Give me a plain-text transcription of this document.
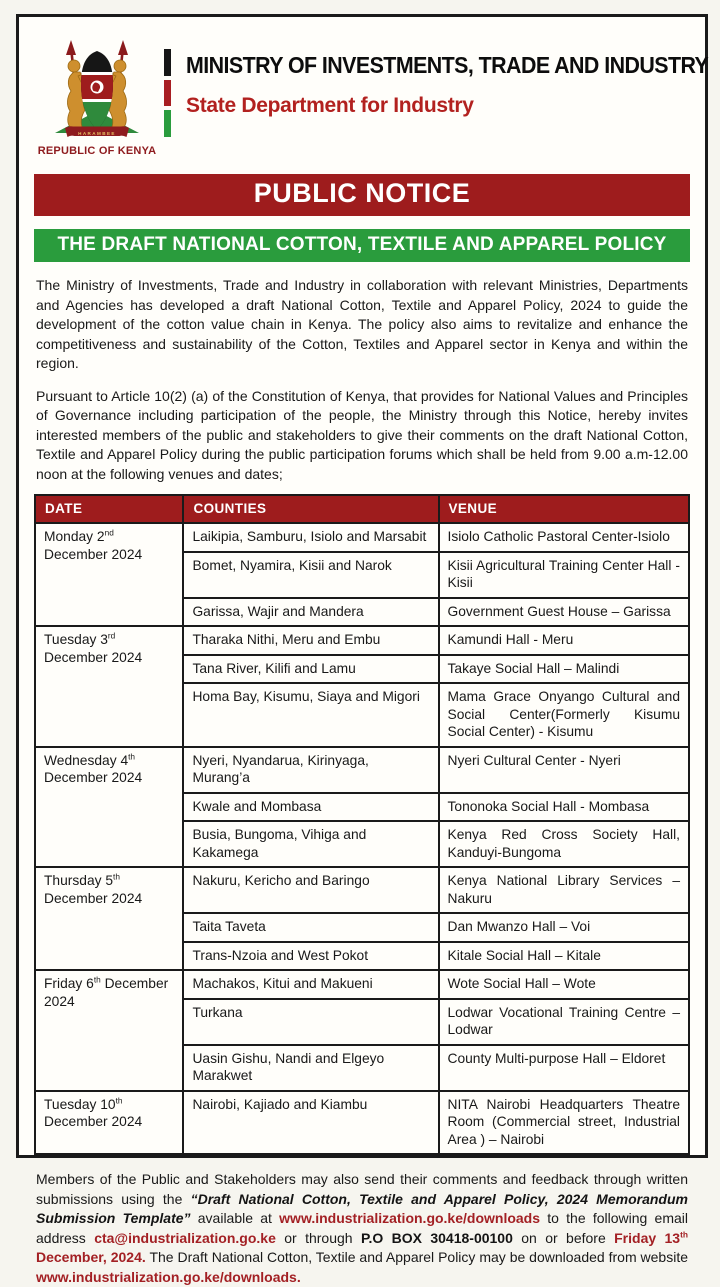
HARAMBEE
REPUBLIC OF KENYA
MINISTRY OF INVESTMENTS, TRADE AND INDUSTRY
State Department for Industry
PUBLIC NOTICE
THE DRAFT NATIONAL COTTON, TEXTILE AND APPAREL POLICY

The Ministry of Investments, Trade and Industry in collaboration with relevant Ministries, Departments and Agencies has developed a draft National Cotton, Textile and Apparel Policy, 2024 to guide the development of the cotton value chain in Kenya. The policy also aims to revitalize and enhance the competitiveness and sustainability of the Cotton, Textiles and Apparel sector in Kenya and within the region.

Pursuant to Article 10(2) (a) of the Constitution of Kenya, that provides for National Values and Principles of Governance including participation of the people, the Ministry through this Notice, hereby invites interested members of the public and stakeholders to give their comments on the draft National Cotton, Textile and Apparel Policy during the public participation forums which shall be held from 9.00 a.m-12.00 noon at the following venues and dates;

DATE	COUNTIES	VENUE
Monday 2nd December 2024	Laikipia, Samburu, Isiolo and Marsabit	Isiolo Catholic Pastoral Center-Isiolo
	Bomet, Nyamira, Kisii and Narok	Kisii Agricultural Training Center Hall - Kisii
	Garissa, Wajir and Mandera	Government Guest House – Garissa
Tuesday 3rd December 2024	Tharaka Nithi, Meru and Embu	Kamundi Hall - Meru
	Tana River, Kilifi and Lamu	Takaye Social Hall – Malindi
	Homa Bay, Kisumu, Siaya and Migori	Mama Grace Onyango Cultural and Social Center(Formerly Kisumu Social Center) - Kisumu
Wednesday 4th December 2024	Nyeri, Nyandarua, Kirinyaga, Murang’a	Nyeri Cultural Center - Nyeri
	Kwale and Mombasa	Tononoka Social Hall - Mombasa
	Busia, Bungoma, Vihiga and Kakamega	Kenya Red Cross Society Hall, Kanduyi-Bungoma
Thursday 5th December 2024	Nakuru, Kericho and Baringo	Kenya National Library Services – Nakuru
	Taita Taveta	Dan Mwanzo Hall – Voi
	Trans-Nzoia and West Pokot	Kitale Social Hall – Kitale
Friday 6th December 2024	Machakos, Kitui and Makueni	Wote Social Hall – Wote
	Turkana	Lodwar Vocational Training Centre – Lodwar
	Uasin Gishu, Nandi and Elgeyo Marakwet	County Multi-purpose Hall – Eldoret
Tuesday 10th December 2024	Nairobi, Kajiado and Kiambu	NITA Nairobi Headquarters Theatre Room (Commercial street, Industrial Area ) – Nairobi

Members of the Public and Stakeholders may also send their comments and feedback through written submissions using the “Draft National Cotton, Textile and Apparel Policy, 2024 Memorandum Submission Template” available at www.industrialization.go.ke/downloads to the following email address cta@industrialization.go.ke or through P.O BOX 30418-00100 on or before Friday 13th December, 2024. The Draft National Cotton, Textile and Apparel Policy may be downloaded from website www.industrialization.go.ke/downloads.
